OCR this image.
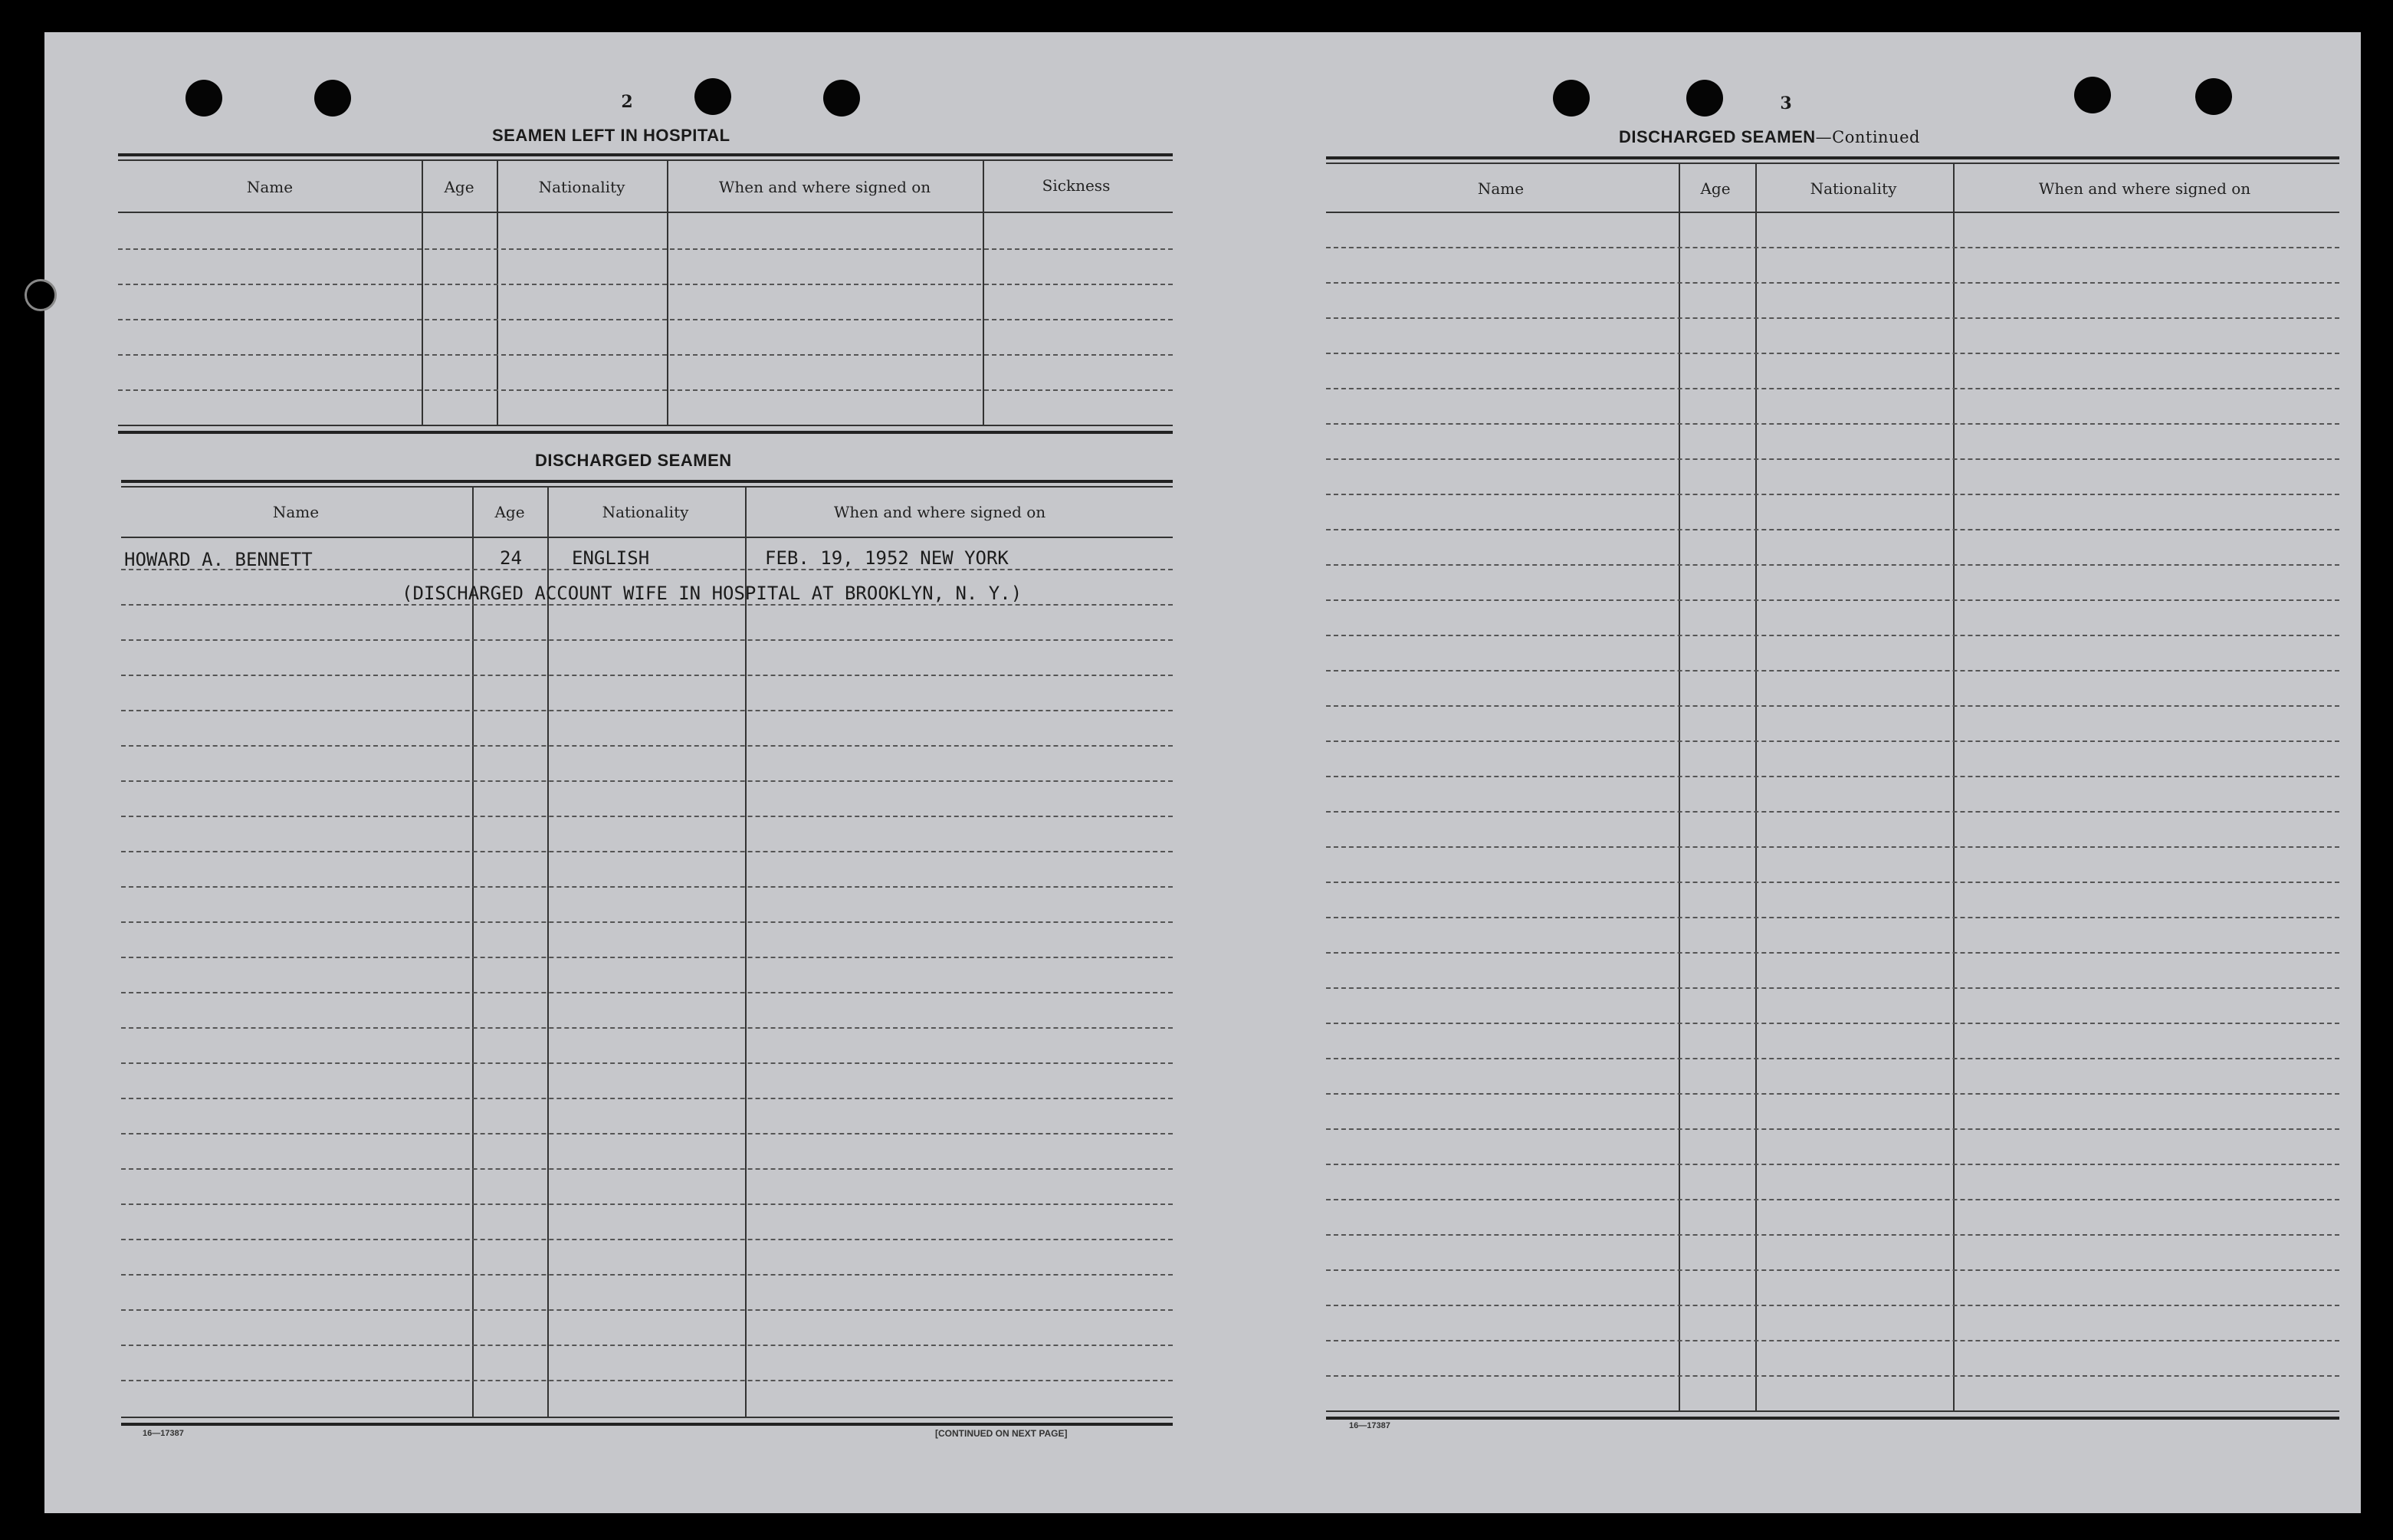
2
SEAMEN LEFT IN HOSPITAL
Name	Age	Nationality	When and where signed on	Sickness
DISCHARGED SEAMEN
Name	Age	Nationality	When and where signed on
HOWARD A. BENNETT	24	ENGLISH	FEB. 19, 1952 NEW YORK
(DISCHARGED ACCOUNT WIFE IN HOSPITAL AT BROOKLYN, N. Y.)
16—17387	[CONTINUED ON NEXT PAGE]
3
DISCHARGED SEAMEN—Continued
Name	Age	Nationality	When and where signed on
16—17387
